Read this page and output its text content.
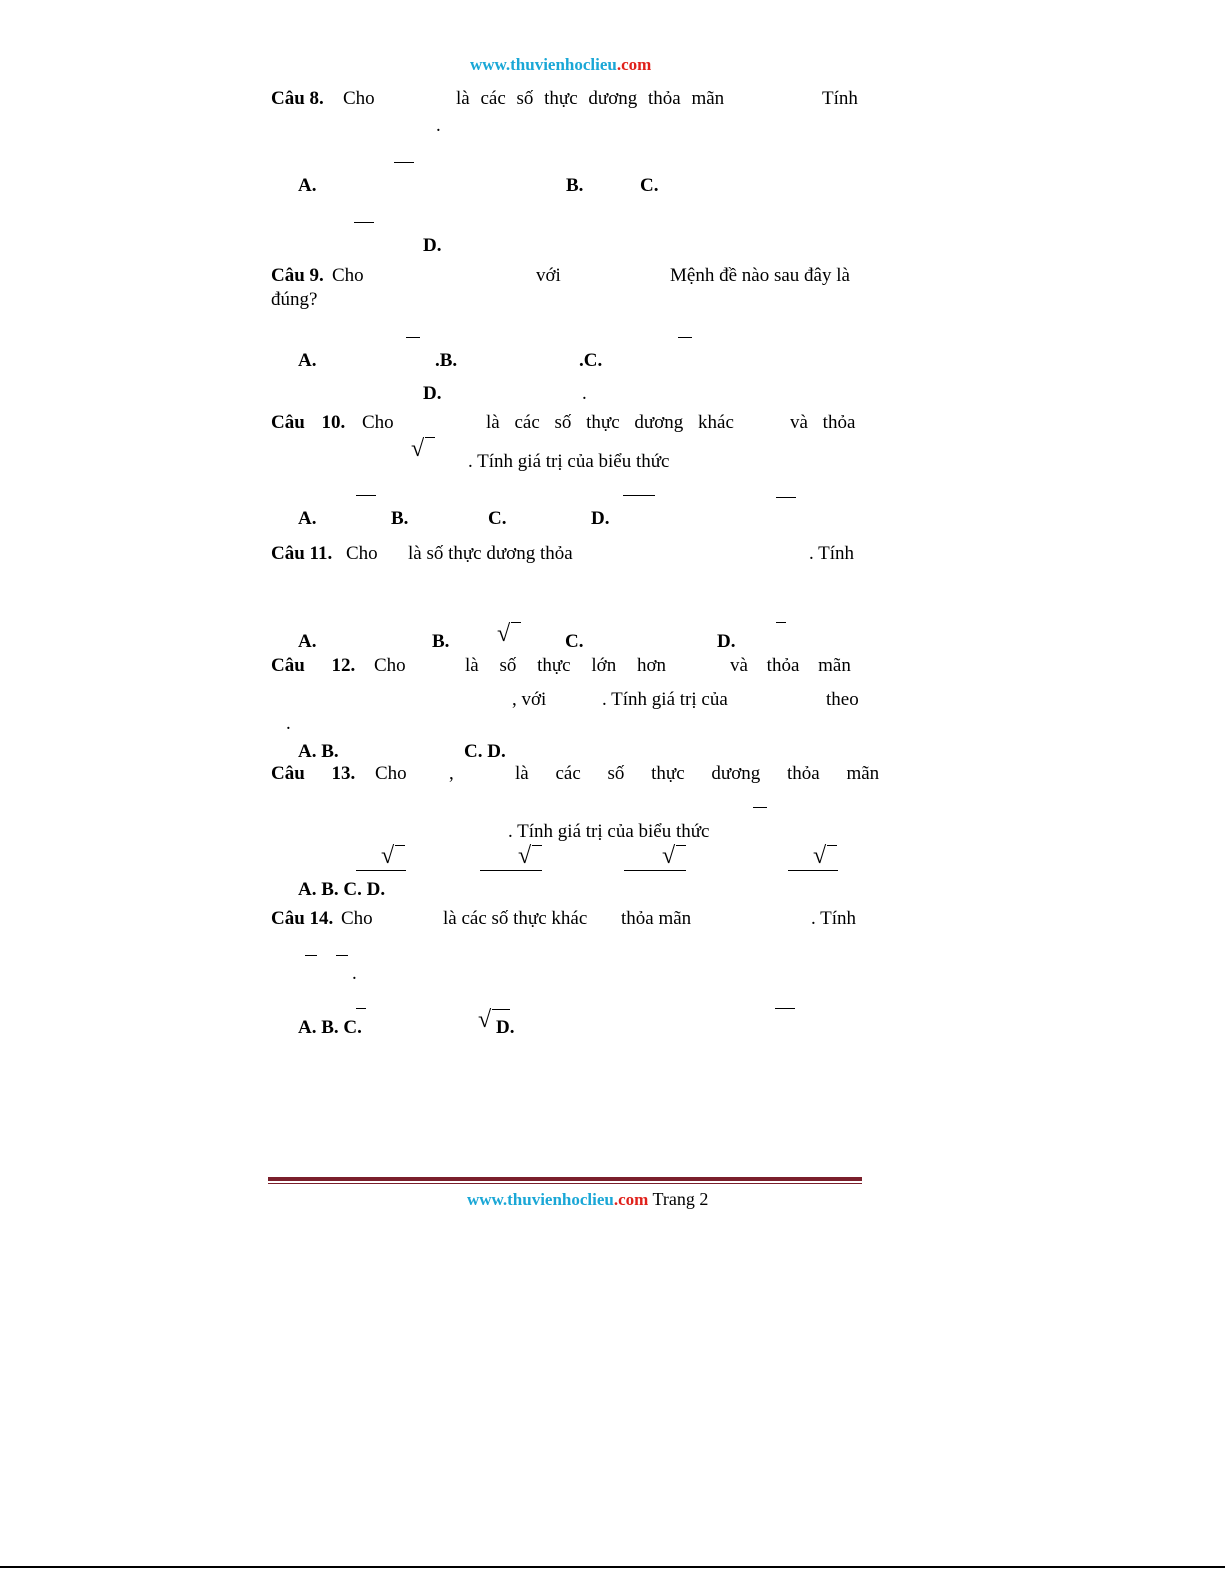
www.thuvienhoclieu.com
Câu 8. Cho	là các số thực dương thỏa mãn	Tính
.
A.	B.	C.
D.
Câu 9. Cho	với	Mệnh đề nào sau đây là
đúng?
A.	.B.	.C.
D.	.
Câu 10. Cho	là các số thực dương khác	và thỏa
√ . Tính giá trị của biểu thức
A.	B.	C.	D.
Câu 11. Cho là số thực dương thỏa	. Tính
√
A.	B.	C.	D.
Câu 12. Cho	là số thực lớn hơn	và thỏa mãn
, với	. Tính giá trị của	theo
.
A. B.	C. D.
Câu 13. Cho ,	là các số thực dương thỏa mãn
. Tính giá trị của biểu thức
√	√	√	√
A. B. C. D.
Câu 14. Cho	là các số thực khác thỏa mãn	. Tính
.
A. B. C.	√ D.
www.thuvienhoclieu.com Trang 2
